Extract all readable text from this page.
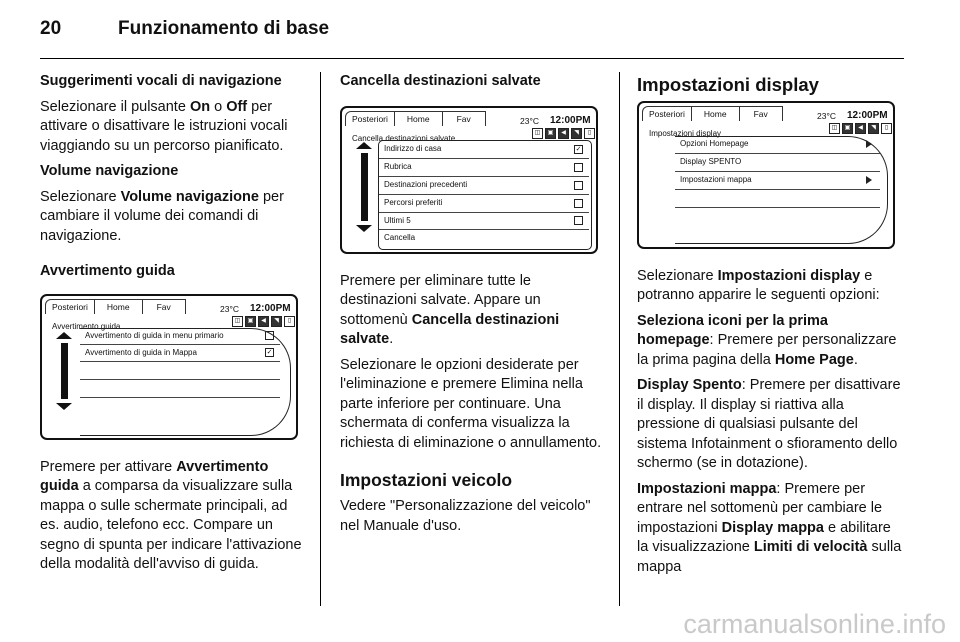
20	Funzionamento di base

Suggerimenti vocali di navigazione

Selezionare il pulsante On o Off per attivare o disattivare le istruzioni vocali viaggiando su un percorso pianificato.

Volume navigazione

Selezionare Volume navigazione per cambiare il volume dei comandi di navigazione.

Avvertimento guida

Posteriori	Home	Fav	23°C 12:00PM
Avvertimento guida
◫	▣	◀	◥	▯
Avvertimento di guida in menu primario
Avvertimento di guida in Mappa	✓

Premere per attivare Avvertimento guida a comparsa da visualizzare sulla mappa o sulle schermate principali, ad es. audio, telefono ecc. Compare un segno di spunta per indicare l'attivazione della modalità dell'avviso di guida.

Cancella destinazioni salvate

Posteriori	Home	Fav	23°C 12:00PM
Cancella destinazioni salvate
◫	▣	◀	◥	▯
Indirizzo di casa	✓
Rubrica
Destinazioni precedenti
Percorsi preferiti
Ultimi 5
Cancella

Premere per eliminare tutte le destinazioni salvate. Appare un sottomenù Cancella destinazioni salvate.

Selezionare le opzioni desiderate per l'eliminazione e premere Elimina nella parte inferiore per continuare. Una schermata di conferma visualizza la richiesta di eliminazione o annullamento.

Impostazioni veicolo

Vedere "Personalizzazione del veicolo" nel Manuale d'uso.

Impostazioni display

Posteriori	Home	Fav	23°C 12:00PM
Impostazioni display
◫	▣	◀	◥	▯
Opzioni Homepage
Display SPENTO
Impostazioni mappa

Selezionare Impostazioni display e potranno apparire le seguenti opzioni:

Seleziona iconi per la prima homepage: Premere per personalizzare la prima pagina della Home Page.

Display Spento: Premere per disattivare il display. Il display si riattiva alla pressione di qualsiasi pulsante del sistema Infotainment o sfioramento dello schermo (se in dotazione).

Impostazioni mappa: Premere per entrare nel sottomenù per cambiare le impostazioni Display mappa e abilitare la visualizzazione Limiti di velocità sulla mappa

carmanualsonline.info
